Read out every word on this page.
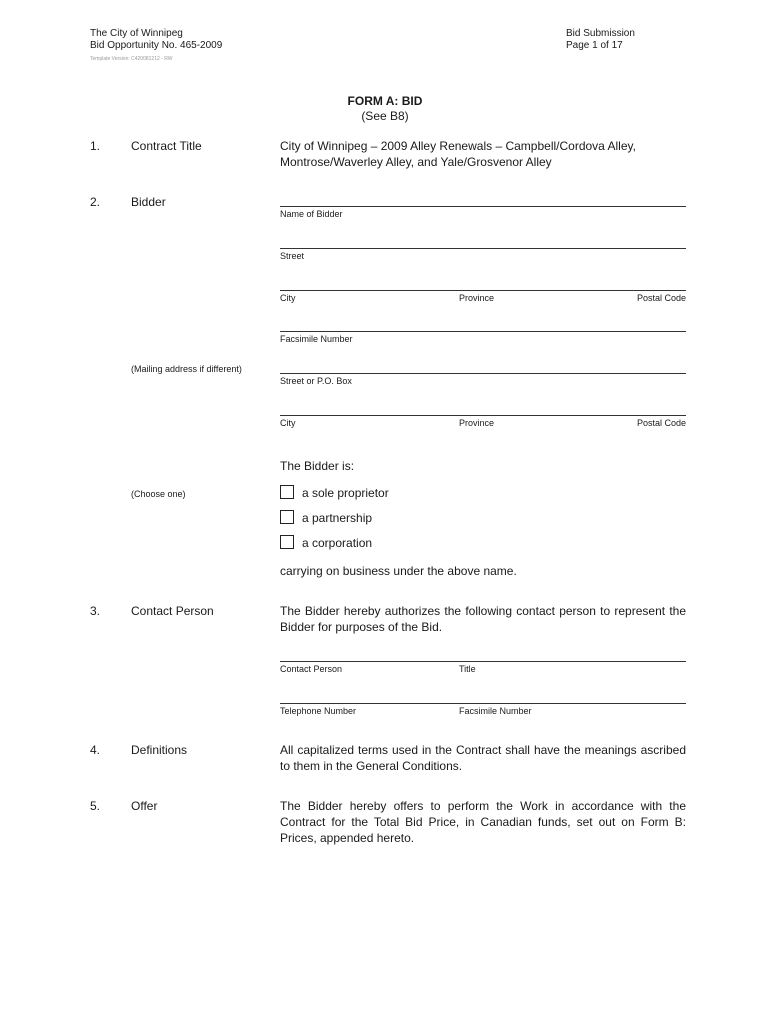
The City of Winnipeg
Bid Opportunity No. 465-2009
Template Version: C420081212 - RW
Bid Submission
Page 1 of 17
FORM A: BID
(See B8)
1.	Contract Title	City of Winnipeg – 2009 Alley Renewals – Campbell/Cordova Alley, Montrose/Waverley Alley, and Yale/Grosvenor Alley
2.	Bidder
Name of Bidder
Street
City	Province	Postal Code
Facsimile Number
(Mailing address if different)
Street or P.O. Box
City	Province	Postal Code
The Bidder is:
(Choose one)	a sole proprietor
a partnership
a corporation
carrying on business under the above name.
3.	Contact Person	The Bidder hereby authorizes the following contact person to represent the Bidder for purposes of the Bid.
Contact Person	Title
Telephone Number	Facsimile Number
4.	Definitions	All capitalized terms used in the Contract shall have the meanings ascribed to them in the General Conditions.
5.	Offer	The Bidder hereby offers to perform the Work in accordance with the Contract for the Total Bid Price, in Canadian funds, set out on Form B: Prices, appended hereto.
